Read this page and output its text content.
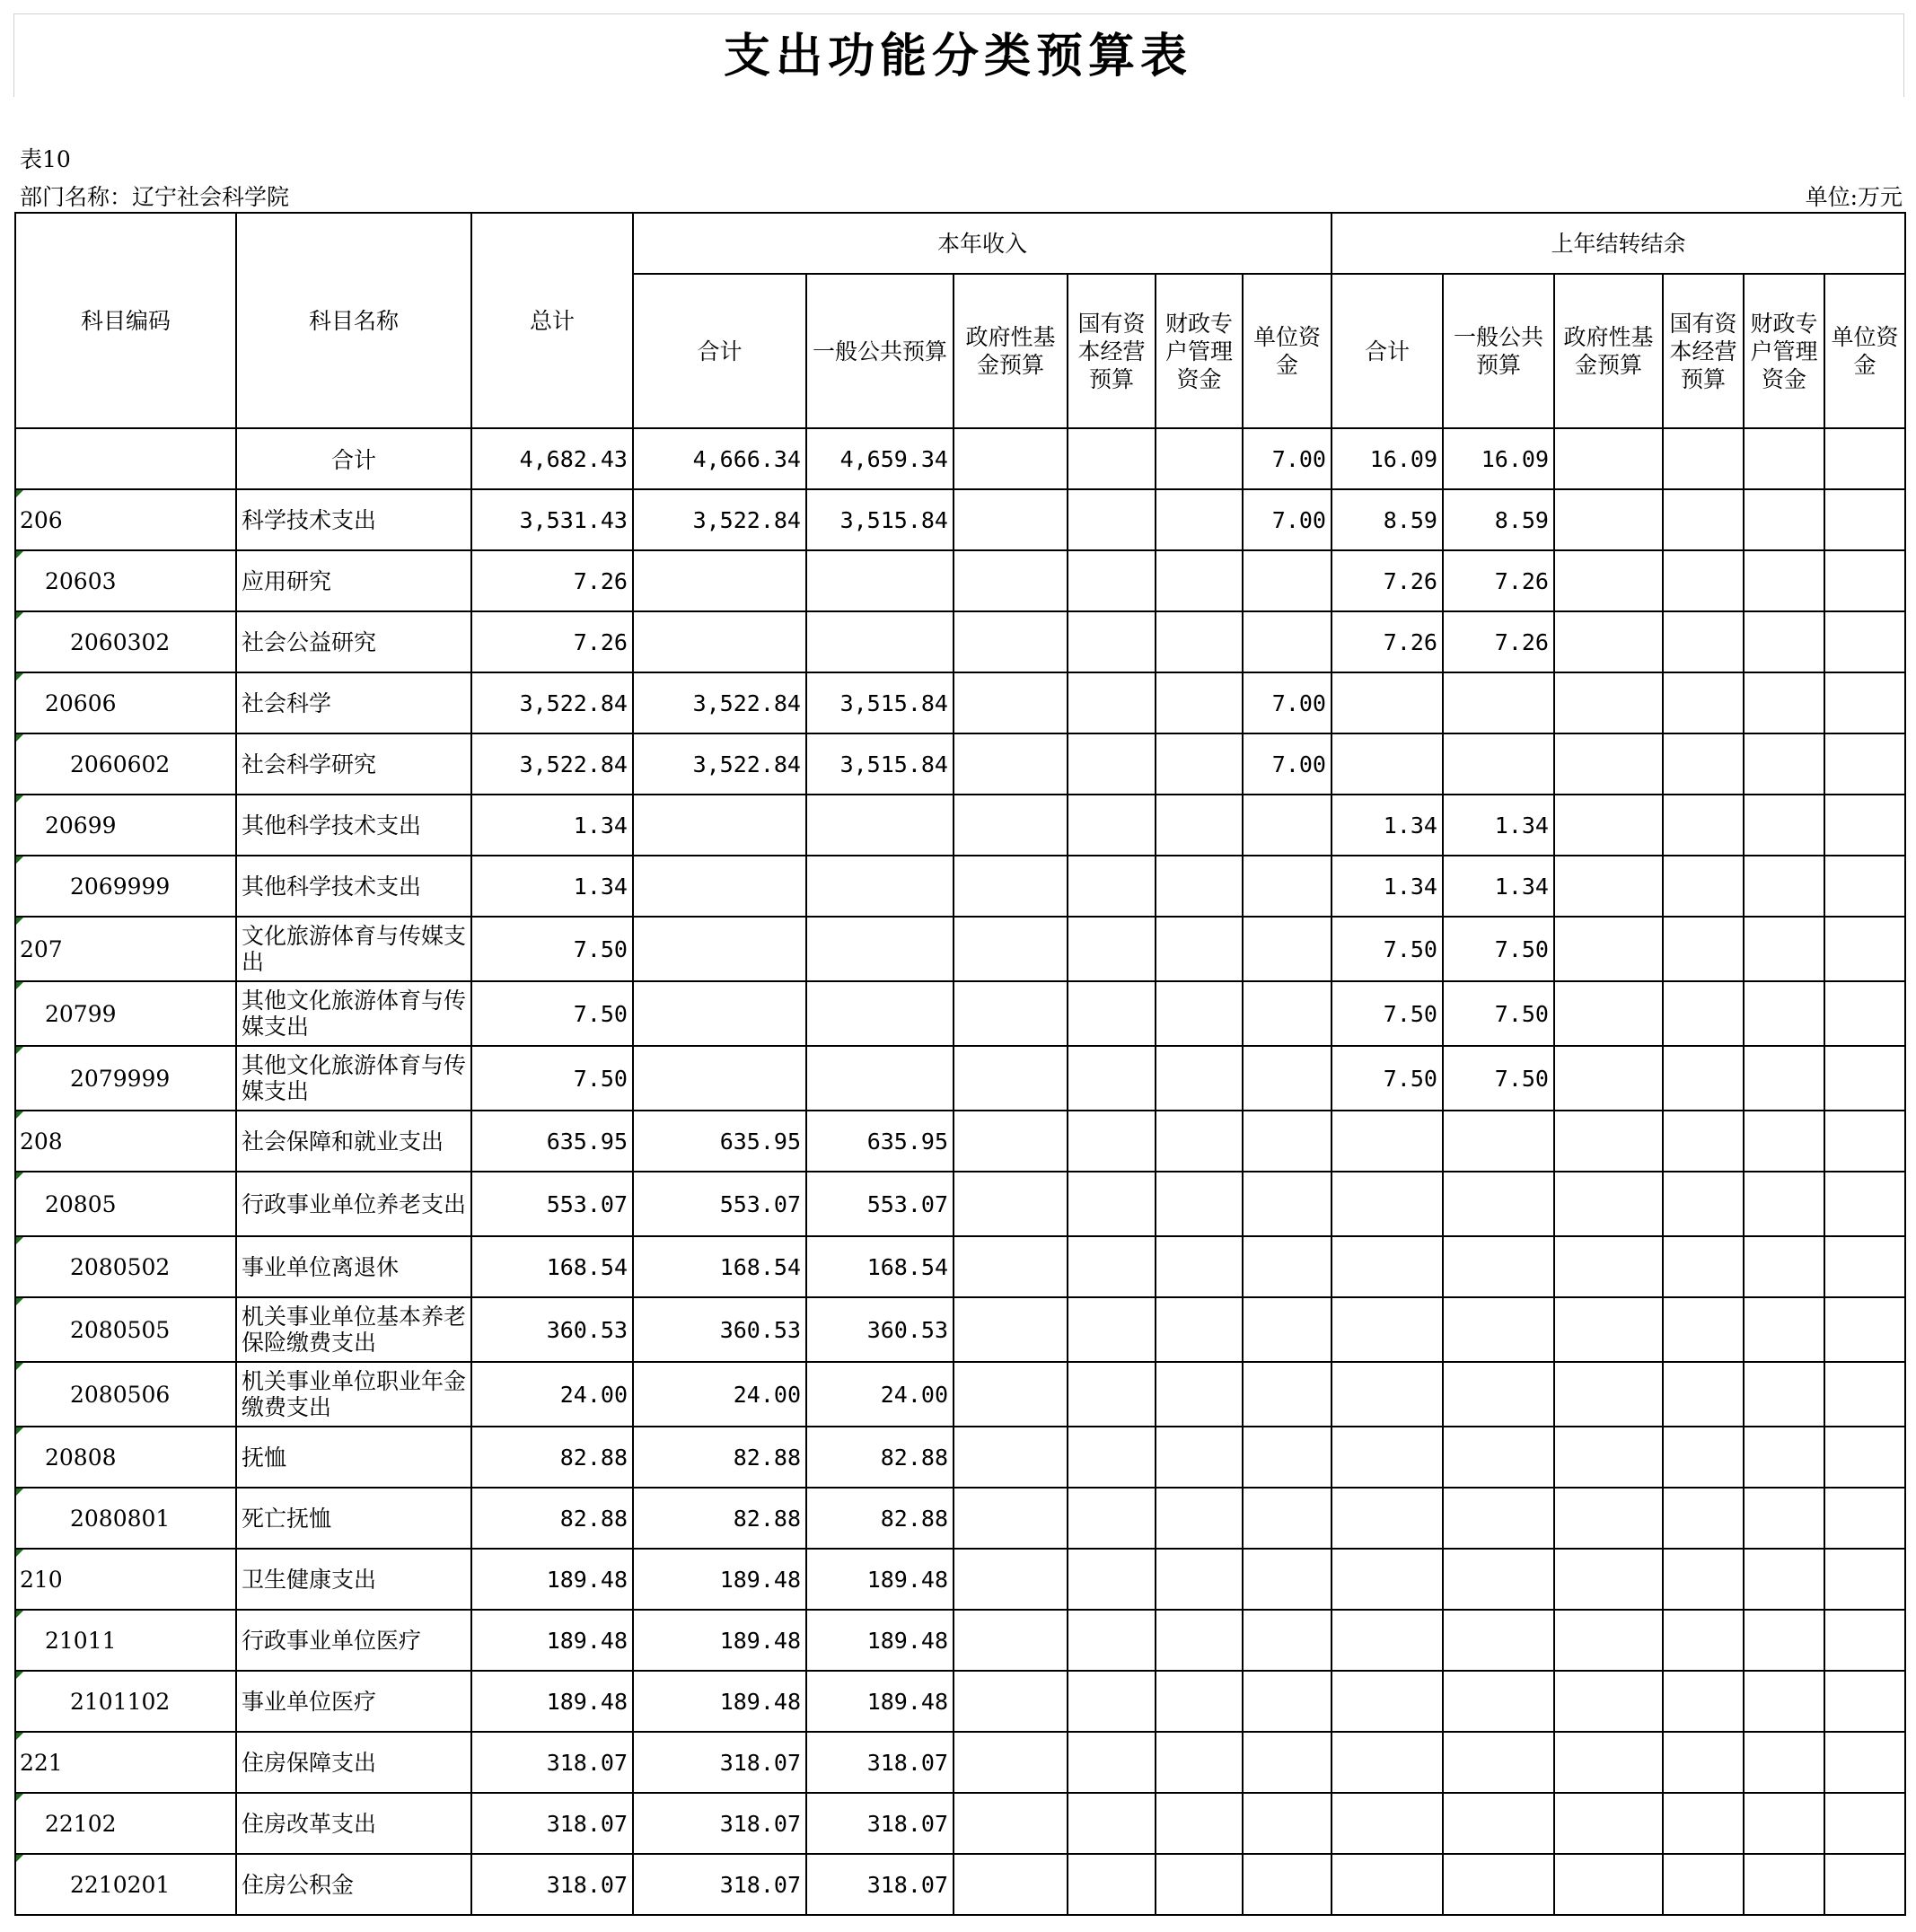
支出功能分类预算表
表10
部门名称：辽宁社会科学院	单位:万元
科目编码	科目名称	总计	本年收入						上年结转结余					
			合计	一般公共预算	政府性基金预算	国有资本经营预算	财政专户管理资金	单位资金	合计	一般公共预算	政府性基金预算	国有资本经营预算	财政专户管理资金	单位资金
	合计	4,682.43	4,666.34	4,659.34				7.00	16.09	16.09				

206	科学技术支出	3,531.43	3,522.84	3,515.84				7.00	8.59	8.59				

20603	应用研究	7.26							7.26	7.26				

2060302	社会公益研究	7.26							7.26	7.26				

20606	社会科学	3,522.84	3,522.84	3,515.84				7.00						

2060602	社会科学研究	3,522.84	3,522.84	3,515.84				7.00						

20699	其他科学技术支出	1.34							1.34	1.34				

2069999	其他科学技术支出	1.34							1.34	1.34				

207	文化旅游体育与传媒支出	7.50							7.50	7.50				

20799	其他文化旅游体育与传媒支出	7.50							7.50	7.50				

2079999	其他文化旅游体育与传媒支出	7.50							7.50	7.50				

208	社会保障和就业支出	635.95	635.95	635.95										

20805	行政事业单位养老支出	553.07	553.07	553.07										

2080502	事业单位离退休	168.54	168.54	168.54										

2080505	机关事业单位基本养老保险缴费支出	360.53	360.53	360.53										

2080506	机关事业单位职业年金缴费支出	24.00	24.00	24.00										

20808	抚恤	82.88	82.88	82.88										

2080801	死亡抚恤	82.88	82.88	82.88										

210	卫生健康支出	189.48	189.48	189.48										

21011	行政事业单位医疗	189.48	189.48	189.48										

2101102	事业单位医疗	189.48	189.48	189.48										

221	住房保障支出	318.07	318.07	318.07										

22102	住房改革支出	318.07	318.07	318.07										

2210201	住房公积金	318.07	318.07	318.07										
